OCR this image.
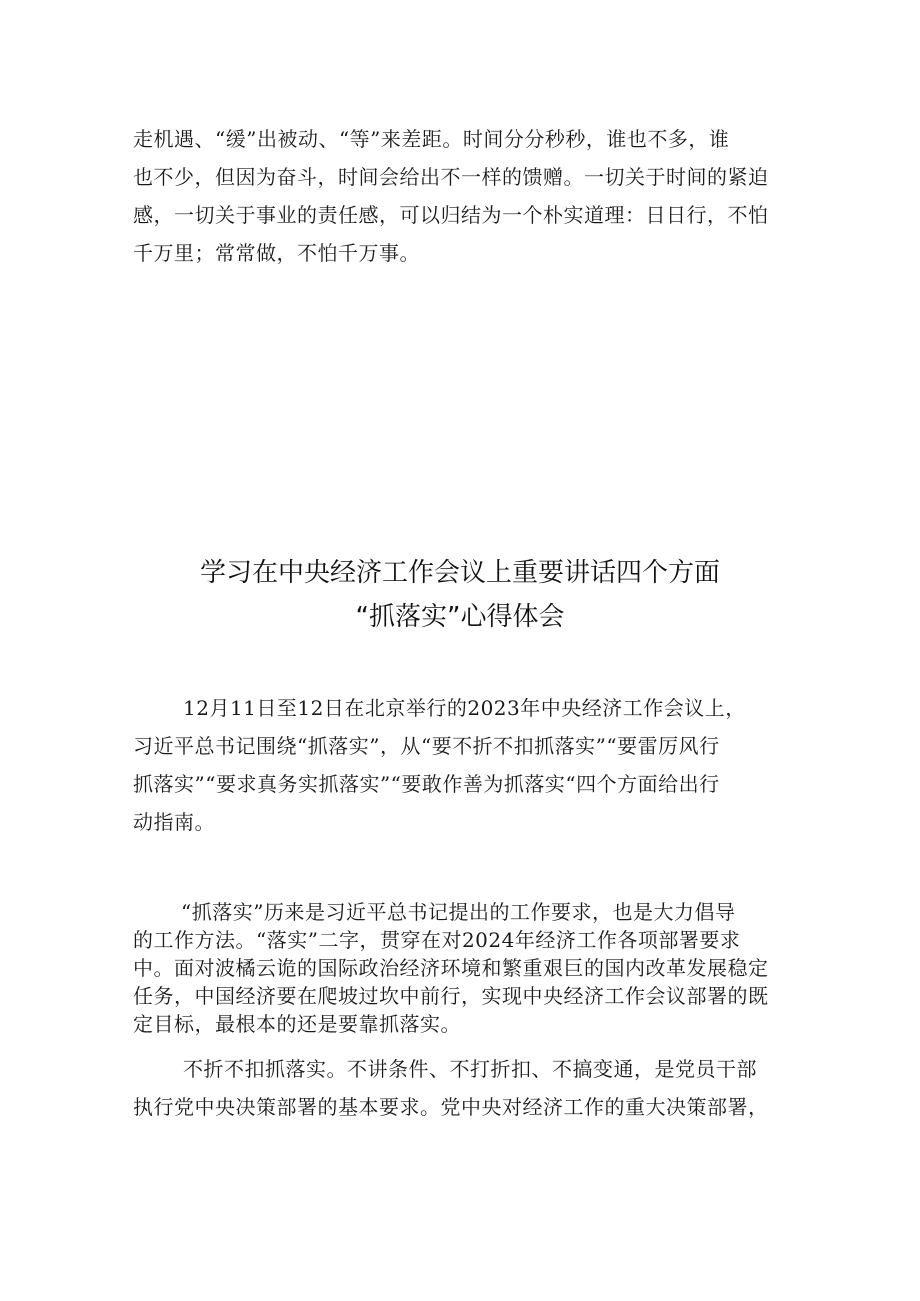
走机遇、“缓”出被动、“等”来差距。时间分分秒秒，谁也不多，谁
也不少，但因为奋斗，时间会给出不一样的馈赠。一切关于时间的紧迫
感，一切关于事业的责任感，可以归结为一个朴实道理：日日行，不怕
千万里；常常做，不怕千万事。
学习在中央经济工作会议上重要讲话四个方面
“抓落实”心得体会
12月11日至12日在北京举行的2023年中央经济工作会议上，
习近平总书记围绕“抓落实”，从“要不折不扣抓落实”“要雷厉风行
抓落实”“要求真务实抓落实”“要敢作善为抓落实“四个方面给出行
动指南。
“抓落实”历来是习近平总书记提出的工作要求，也是大力倡导
的工作方法。“落实”二字，贯穿在对2024年经济工作各项部署要求
中。面对波橘云诡的国际政治经济环境和繁重艰巨的国内改革发展稳定
任务，中国经济要在爬坡过坎中前行，实现中央经济工作会议部署的既
定目标，最根本的还是要靠抓落实。
不折不扣抓落实。不讲条件、不打折扣、不搞变通，是党员干部
执行党中央决策部署的基本要求。党中央对经济工作的重大决策部署，
